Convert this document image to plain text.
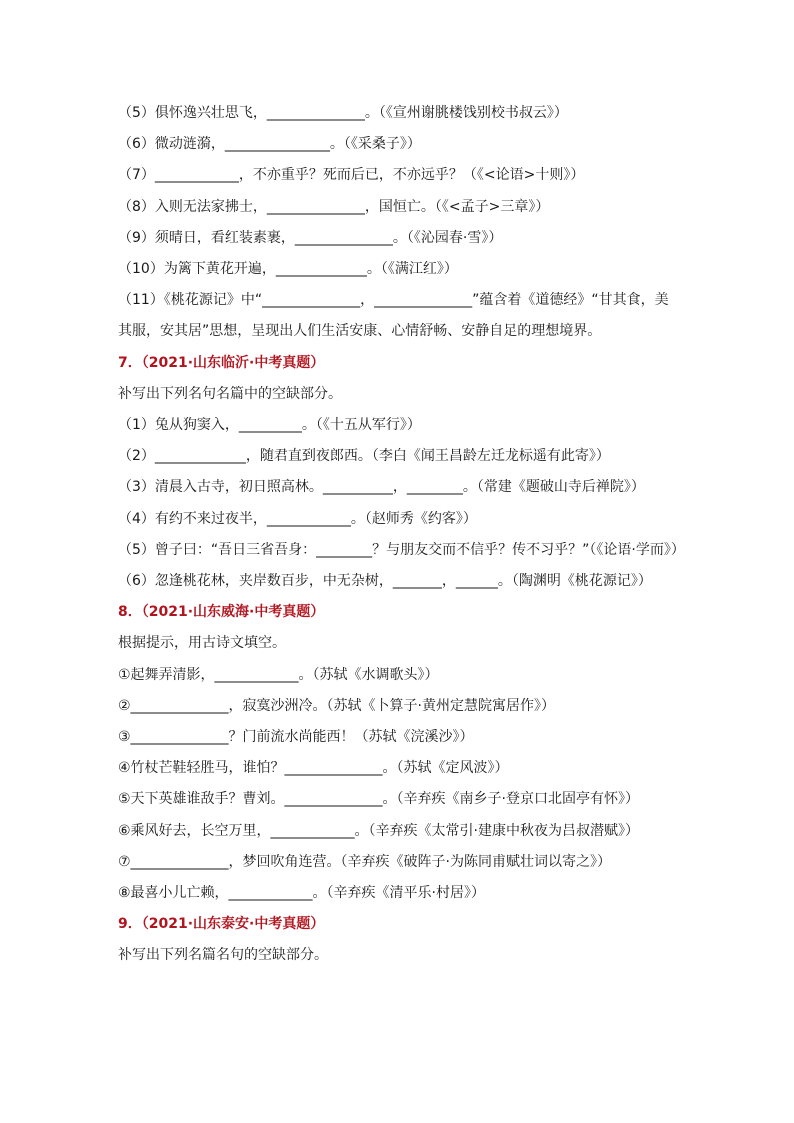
（5）俱怀逸兴壮思飞，______________。（《宣州谢朓楼饯别校书叔云》）

（6）微动涟漪，_______________。（《采桑子》）

（7）____________，不亦重乎？死而后已，不亦远乎？（《<论语>十则》）

（8）入则无法家拂士，______________，国恒亡。（《<孟子>三章》）

（9）须晴日，看红装素裹，______________。（《沁园春·雪》）

（10）为篱下黄花开遍，_____________。（《满江红》）

（11）《桃花源记》中“______________，______________”蕴含着《道德经》“甘其食，美其服，安其居”思想，呈现出人们生活安康、心情舒畅、安静自足的理想境界。

7．（2021·山东临沂·中考真题）

补写出下列名句名篇中的空缺部分。

（1）兔从狗窦入，_________。（《十五从军行》）

（2）_____________，随君直到夜郎西。（李白《闻王昌龄左迁龙标遥有此寄》）

（3）清晨入古寺，初日照高林。__________，________。（常建《题破山寺后禅院》）

（4）有约不来过夜半，____________。（赵师秀《约客》）

（5）曾子曰：“吾日三省吾身：________？与朋友交而不信乎？传不习乎？”（《论语·学而》）

（6）忽逢桃花林，夹岸数百步，中无杂树，_______，______。（陶渊明《桃花源记》）

8．（2021·山东威海·中考真题）

根据提示，用古诗文填空。

①起舞弄清影，____________。（苏轼《水调歌头》）

②______________，寂寞沙洲冷。（苏轼《卜算子·黄州定慧院寓居作》）

③______________？门前流水尚能西！（苏轼《浣溪沙》）

④竹杖芒鞋轻胜马，谁怕？______________。（苏轼《定风波》）

⑤天下英雄谁敌手？曹刘。______________。（辛弃疾《南乡子·登京口北固亭有怀》）

⑥乘风好去，长空万里，____________。（辛弃疾《太常引·建康中秋夜为吕叔潜赋》）

⑦______________，梦回吹角连营。（辛弃疾《破阵子·为陈同甫赋壮词以寄之》）

⑧最喜小儿亡赖，____________。（辛弃疾《清平乐·村居》）

9．（2021·山东泰安·中考真题）

补写出下列名篇名句的空缺部分。
